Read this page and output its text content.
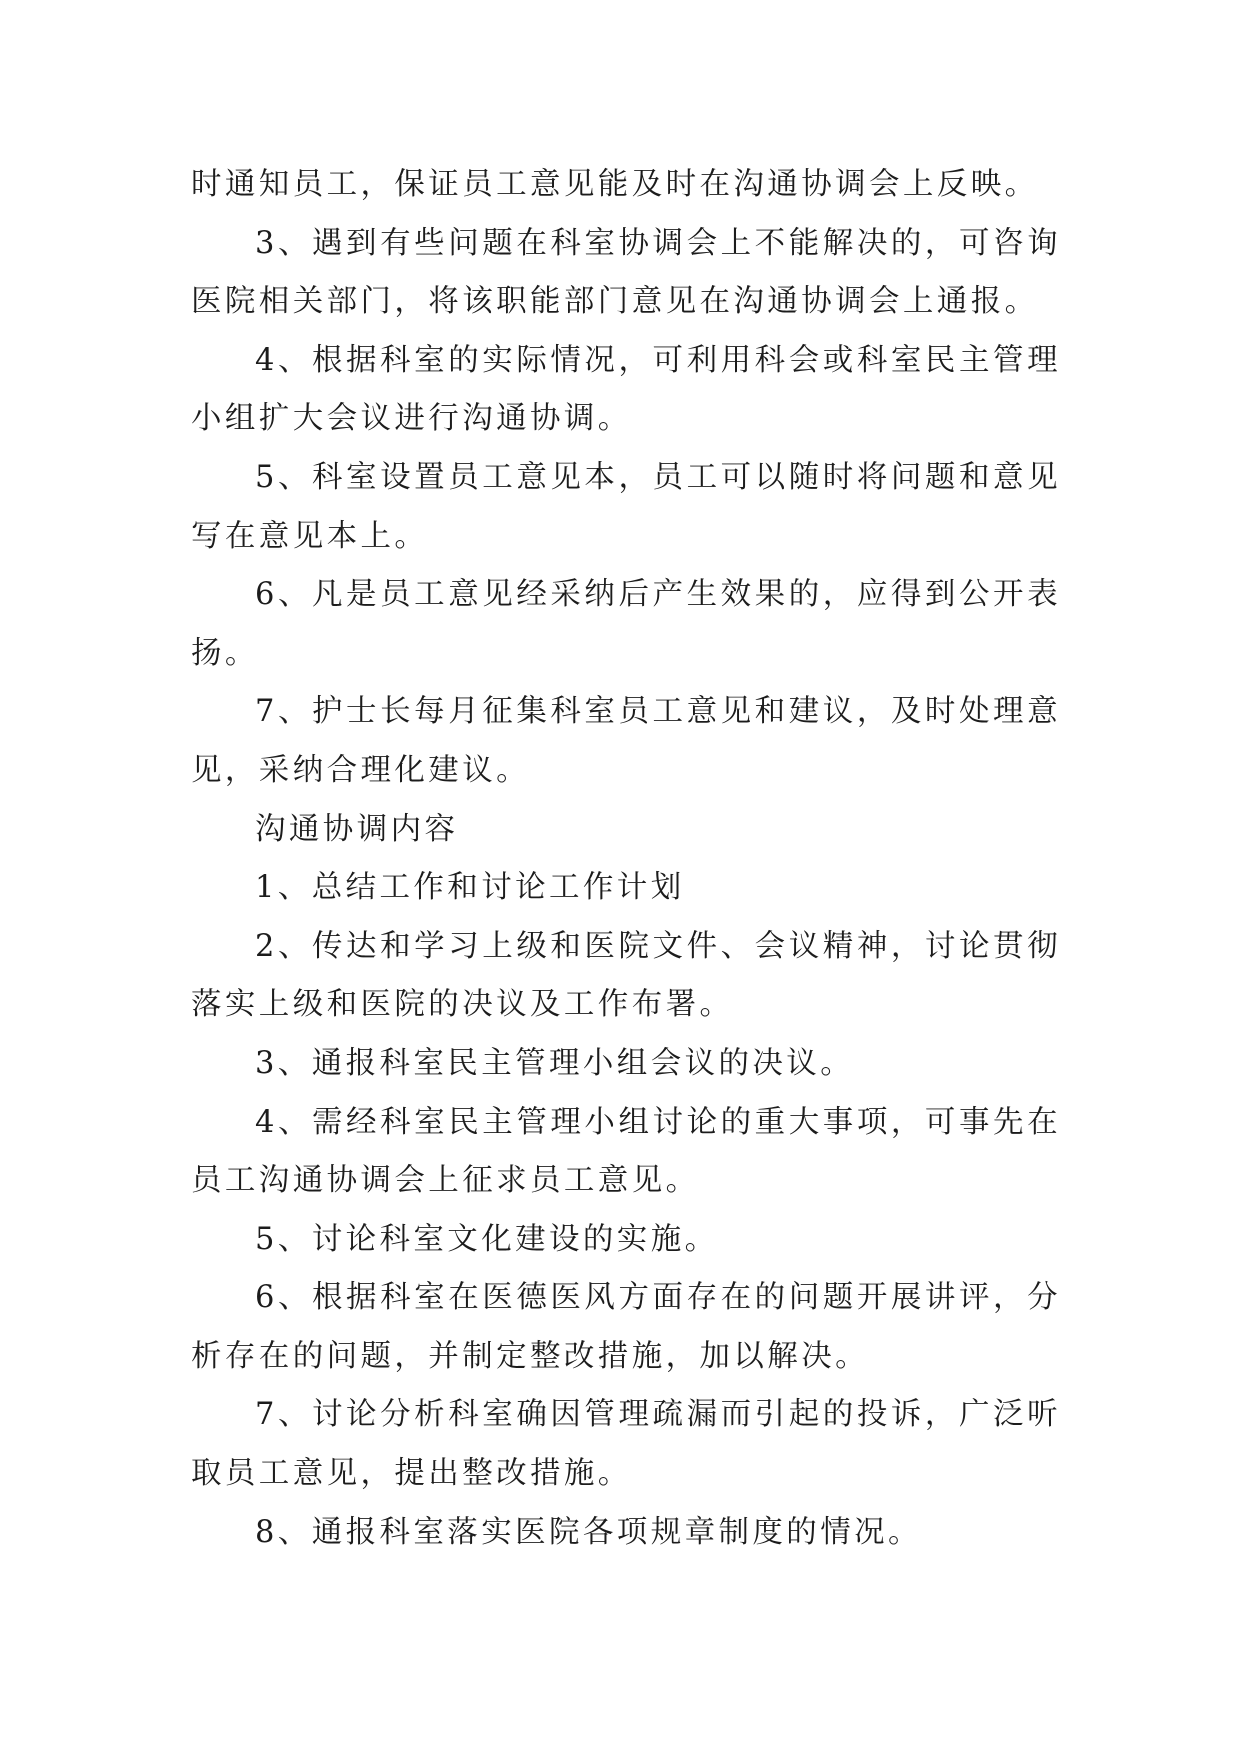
时通知员工，保证员工意见能及时在沟通协调会上反映。

3、遇到有些问题在科室协调会上不能解决的，可咨询医院相关部门，将该职能部门意见在沟通协调会上通报。

4、根据科室的实际情况，可利用科会或科室民主管理小组扩大会议进行沟通协调。

5、科室设置员工意见本，员工可以随时将问题和意见写在意见本上。

6、凡是员工意见经采纳后产生效果的，应得到公开表扬。

7、护士长每月征集科室员工意见和建议，及时处理意见，采纳合理化建议。

沟通协调内容

1、总结工作和讨论工作计划

2、传达和学习上级和医院文件、会议精神，讨论贯彻落实上级和医院的决议及工作布署。

3、通报科室民主管理小组会议的决议。

4、需经科室民主管理小组讨论的重大事项，可事先在员工沟通协调会上征求员工意见。

5、讨论科室文化建设的实施。

6、根据科室在医德医风方面存在的问题开展讲评，分析存在的问题，并制定整改措施，加以解决。

7、讨论分析科室确因管理疏漏而引起的投诉，广泛听取员工意见，提出整改措施。

8、通报科室落实医院各项规章制度的情况。
